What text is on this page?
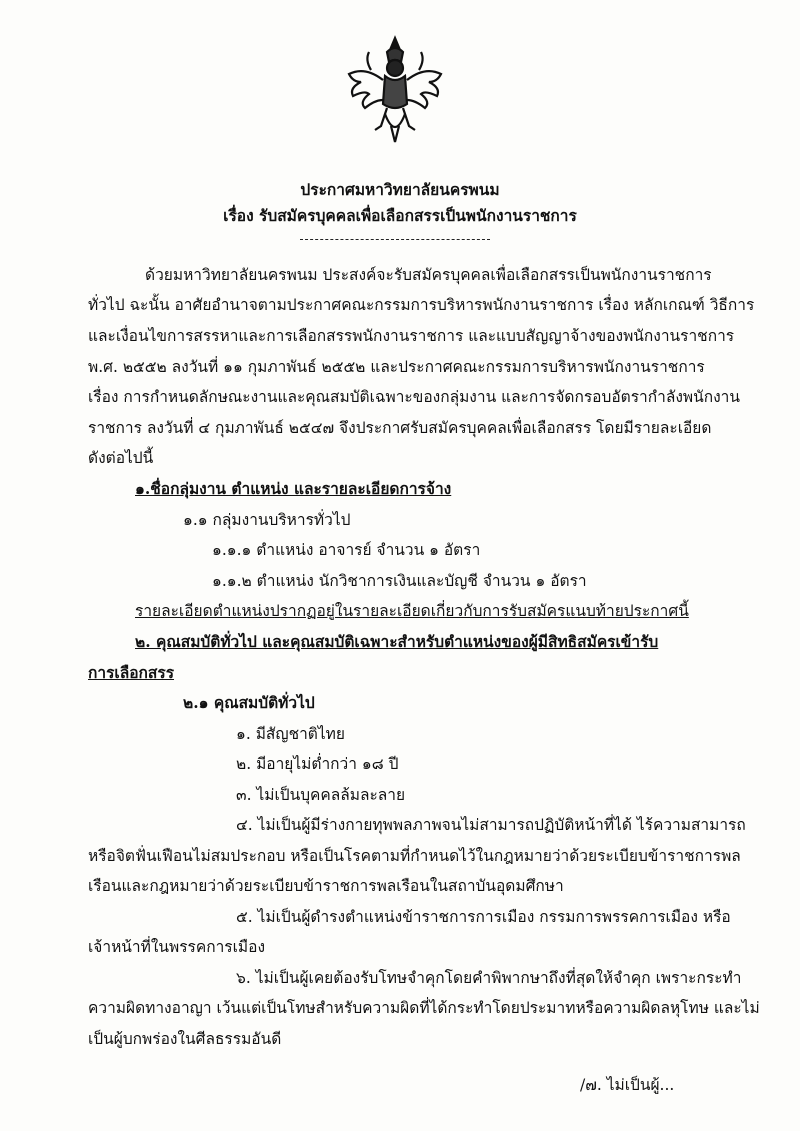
ประกาศมหาวิทยาลัยนครพนม
เรื่อง รับสมัครบุคคลเพื่อเลือกสรรเป็นพนักงานราชการ
ด้วยมหาวิทยาลัยนครพนม ประสงค์จะรับสมัครบุคคลเพื่อเลือกสรรเป็นพนักงานราชการ
ทั่วไป ฉะนั้น อาศัยอำนาจตามประกาศคณะกรรมการบริหารพนักงานราชการ เรื่อง หลักเกณฑ์ วิธีการ
และเงื่อนไขการสรรหาและการเลือกสรรพนักงานราชการ และแบบสัญญาจ้างของพนักงานราชการ
พ.ศ. ๒๕๕๒ ลงวันที่ ๑๑ กุมภาพันธ์ ๒๕๕๒ และประกาศคณะกรรมการบริหารพนักงานราชการ
เรื่อง การกำหนดลักษณะงานและคุณสมบัติเฉพาะของกลุ่มงาน และการจัดกรอบอัตรากำลังพนักงาน
ราชการ ลงวันที่ ๔ กุมภาพันธ์ ๒๕๔๗ จึงประกาศรับสมัครบุคคลเพื่อเลือกสรร โดยมีรายละเอียด
ดังต่อไปนี้
๑.ชื่อกลุ่มงาน ตำแหน่ง และรายละเอียดการจ้าง
๑.๑ กลุ่มงานบริหารทั่วไป
๑.๑.๑ ตำแหน่ง อาจารย์ จำนวน ๑ อัตรา
๑.๑.๒ ตำแหน่ง นักวิชาการเงินและบัญชี จำนวน ๑ อัตรา
รายละเอียดตำแหน่งปรากฏอยู่ในรายละเอียดเกี่ยวกับการรับสมัครแนบท้ายประกาศนี้
๒. คุณสมบัติทั่วไป และคุณสมบัติเฉพาะสำหรับตำแหน่งของผู้มีสิทธิสมัครเข้ารับ
การเลือกสรร
๒.๑ คุณสมบัติทั่วไป
๑. มีสัญชาติไทย
๒. มีอายุไม่ต่ำกว่า ๑๘ ปี
๓. ไม่เป็นบุคคลล้มละลาย
๔. ไม่เป็นผู้มีร่างกายทุพพลภาพจนไม่สามารถปฏิบัติหน้าที่ได้ ไร้ความสามารถ
หรือจิตฟั่นเฟือนไม่สมประกอบ หรือเป็นโรคตามที่กำหนดไว้ในกฎหมายว่าด้วยระเบียบข้าราชการพล
เรือนและกฎหมายว่าด้วยระเบียบข้าราชการพลเรือนในสถาบันอุดมศึกษา
๕. ไม่เป็นผู้ดำรงตำแหน่งข้าราชการการเมือง กรรมการพรรคการเมือง หรือ
เจ้าหน้าที่ในพรรคการเมือง
๖. ไม่เป็นผู้เคยต้องรับโทษจำคุกโดยคำพิพากษาถึงที่สุดให้จำคุก เพราะกระทำ
ความผิดทางอาญา เว้นแต่เป็นโทษสำหรับความผิดที่ได้กระทำโดยประมาทหรือความผิดลหุโทษ และไม่
เป็นผู้บกพร่องในศีลธรรมอันดี
/๗. ไม่เป็นผู้...
